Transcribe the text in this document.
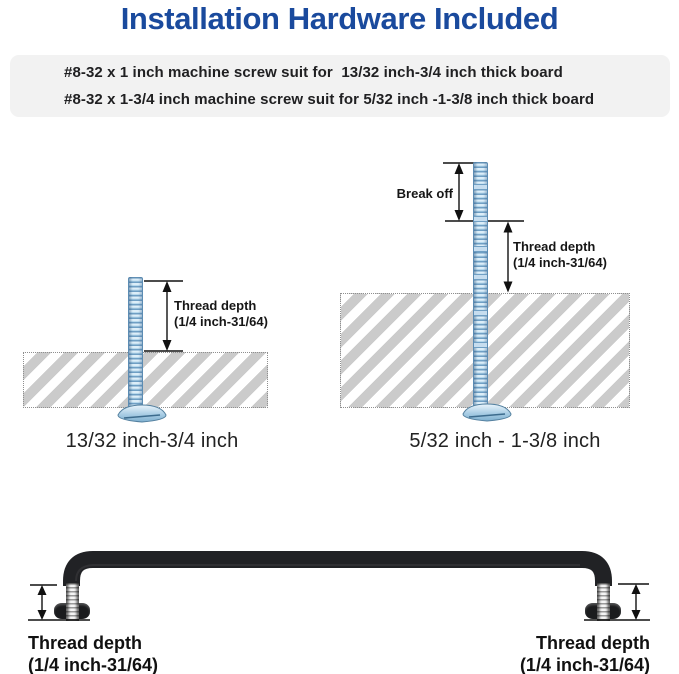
Installation Hardware Included
#8-32 x 1 inch machine screw suit for  13/32 inch-3/4 inch thick board
#8-32 x 1-3/4 inch machine screw suit for 5/32 inch -1-3/8 inch thick board
Thread depth
(1/4 inch-31/64)
13/32 inch-3/4 inch
Break off
Thread depth
(1/4 inch-31/64)
5/32 inch - 1-3/8 inch
Thread depth
(1/4 inch-31/64)
Thread depth
(1/4 inch-31/64)
